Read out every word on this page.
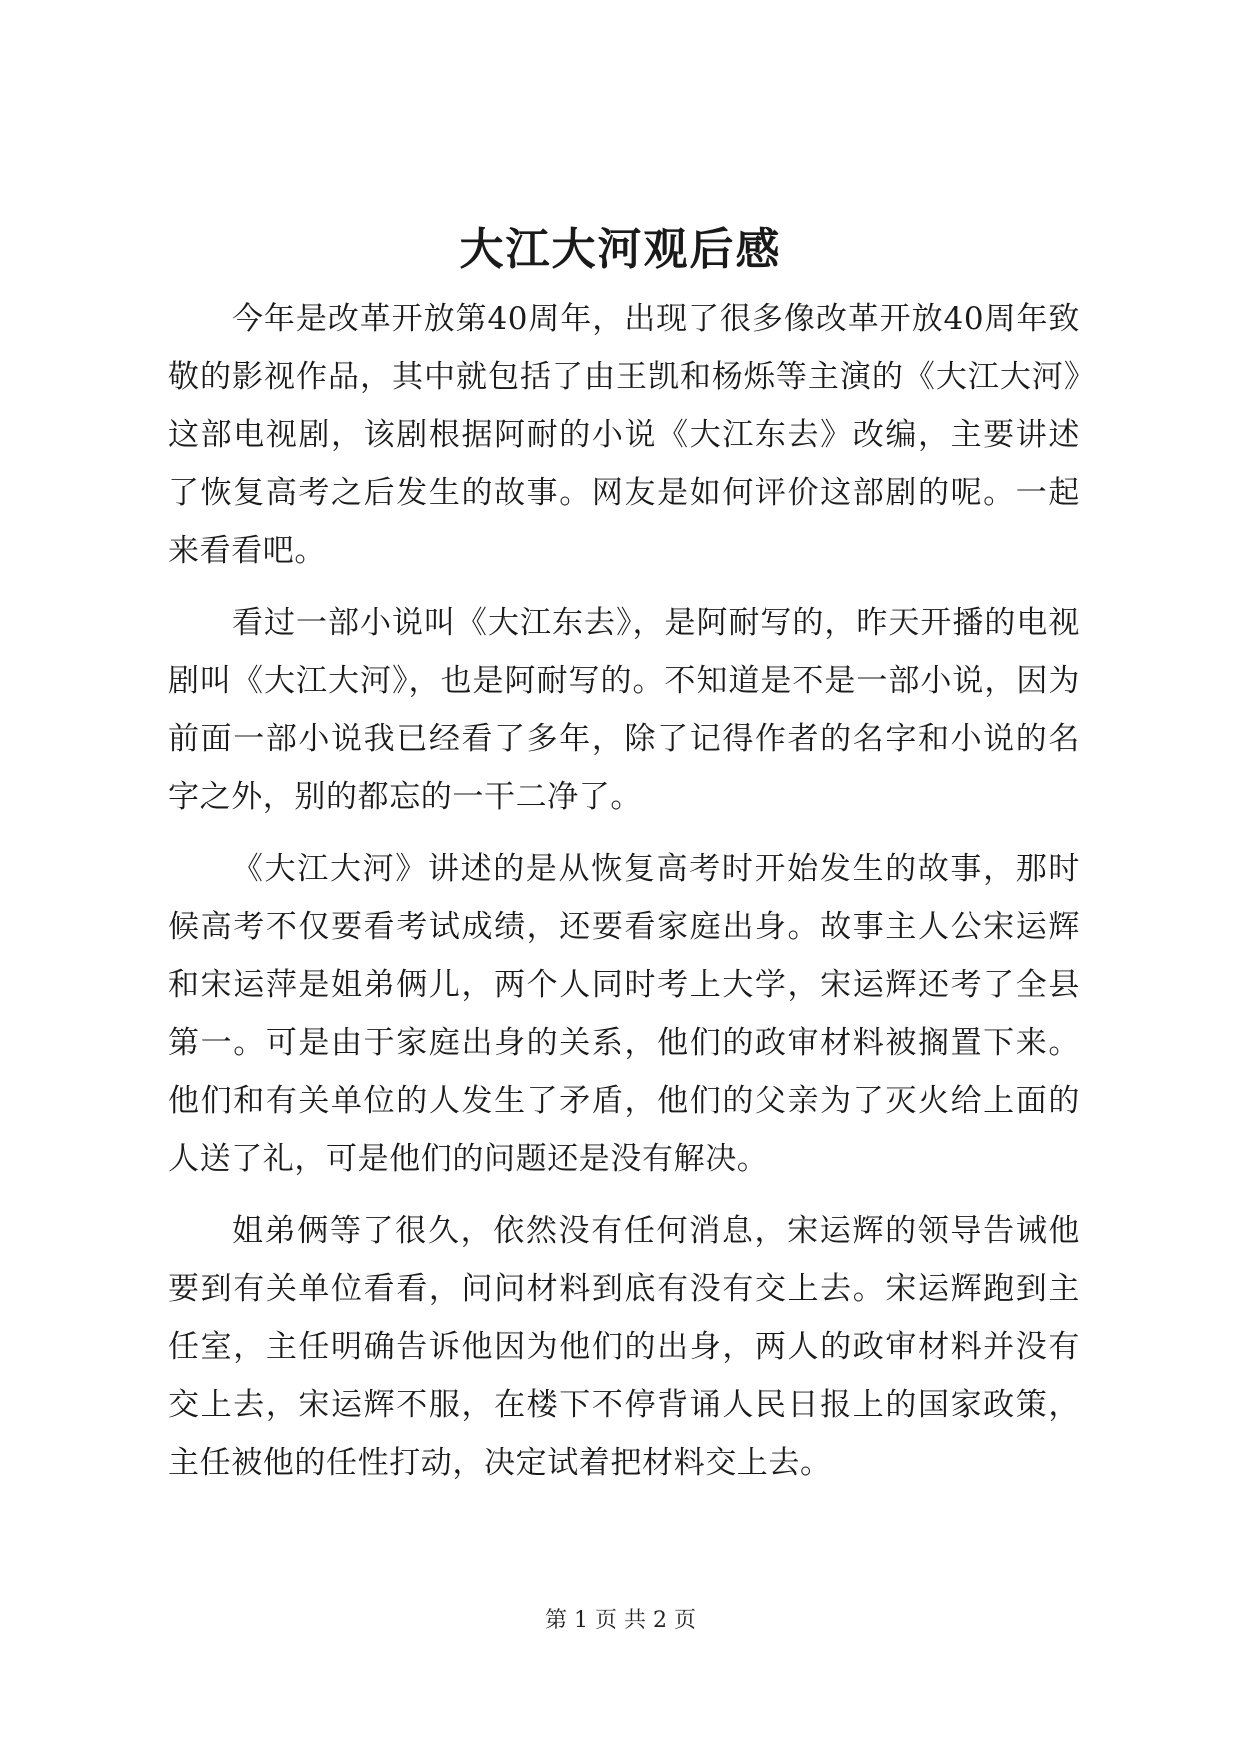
大江大河观后感

今年是改革开放第40周年，出现了很多像改革开放40周年致敬的影视作品，其中就包括了由王凯和杨烁等主演的《大江大河》这部电视剧，该剧根据阿耐的小说《大江东去》改编，主要讲述了恢复高考之后发生的故事。网友是如何评价这部剧的呢。一起来看看吧。

看过一部小说叫《大江东去》，是阿耐写的，昨天开播的电视剧叫《大江大河》，也是阿耐写的。不知道是不是一部小说，因为前面一部小说我已经看了多年，除了记得作者的名字和小说的名字之外，别的都忘的一干二净了。

《大江大河》讲述的是从恢复高考时开始发生的故事，那时候高考不仅要看考试成绩，还要看家庭出身。故事主人公宋运辉和宋运萍是姐弟俩儿，两个人同时考上大学，宋运辉还考了全县第一。可是由于家庭出身的关系，他们的政审材料被搁置下来。他们和有关单位的人发生了矛盾，他们的父亲为了灭火给上面的人送了礼，可是他们的问题还是没有解决。

姐弟俩等了很久，依然没有任何消息，宋运辉的领导告诫他要到有关单位看看，问问材料到底有没有交上去。宋运辉跑到主任室，主任明确告诉他因为他们的出身，两人的政审材料并没有交上去，宋运辉不服，在楼下不停背诵人民日报上的国家政策，主任被他的任性打动，决定试着把材料交上去。

第 1 页 共 2 页
